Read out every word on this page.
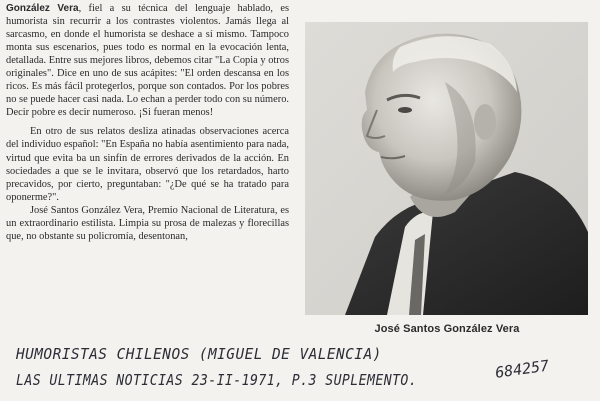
González Vera, fiel a su técnica del lenguaje hablado, es humorista sin recurrir a los contrastes violentos. Jamás llega al sarcasmo, en donde el humorista se deshace a sí mismo. Tampoco monta sus escenarios, pues todo es normal en la evocación lenta, detallada. Entre sus mejores libros, debemos citar "La Copia y otros originales". Dice en uno de sus acápites: "El orden descansa en los ricos. Es más fácil protegerlos, porque son contados. Por los pobres no se puede hacer casi nada. Lo echan a perder todo con su número. Decir pobre es decir numeroso. ¡Si fueran menos!

En otro de sus relatos desliza atinadas observaciones acerca del individuo español: "En España no había asentimiento para nada, virtud que evita ba un sinfín de errores derivados de la acción. En sociedades a que se le invitara, observó que los retardados, harto precavidos, por cierto, preguntaban: "¿De qué se ha tratado para oponerme?".

José Santos González Vera, Premio Nacional de Literatura, es un extraordinario estilista. Limpia su prosa de malezas y florecillas que, no obstante su policromía, desentonan,

José Santos González Vera
HUMORISTAS CHILENOS (MIGUEL DE VALENCIA)
LAS ULTIMAS NOTICIAS 23-II-1971, P.3 SUPLEMENTO.	684257
